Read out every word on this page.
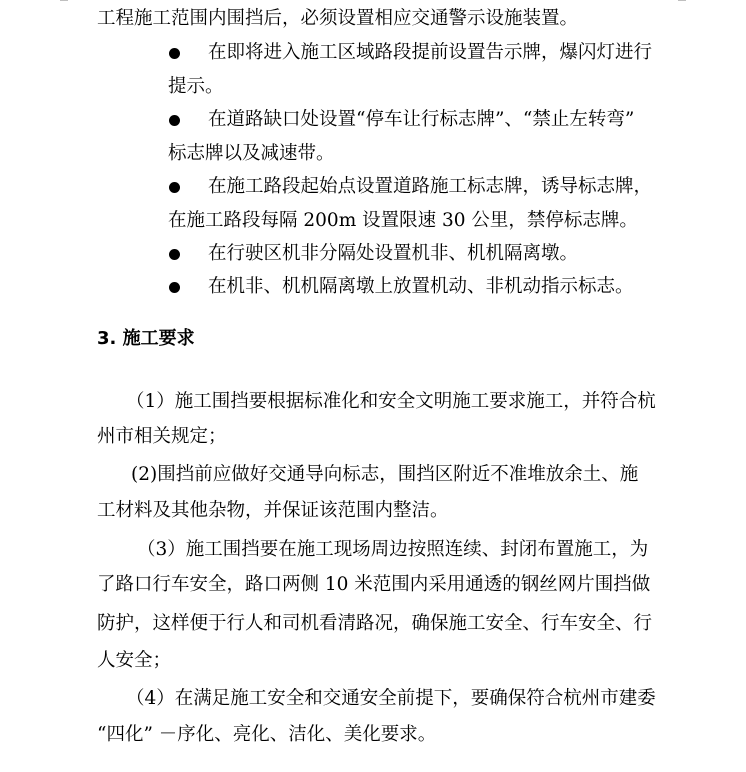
工程施工范围内围挡后，必须设置相应交通警示设施装置。
在即将进入施工区域路段提前设置告示牌，爆闪灯进行
提示。
在道路缺口处设置“停车让行标志牌”、“禁止左转弯”
标志牌以及减速带。
在施工路段起始点设置道路施工标志牌，诱导标志牌，
在施工路段每隔 200m 设置限速 30 公里，禁停标志牌。
在行驶区机非分隔处设置机非、机机隔离墩。
在机非、机机隔离墩上放置机动、非机动指示标志。
3. 施工要求
（1）施工围挡要根据标准化和安全文明施工要求施工，并符合杭
州市相关规定；
(2)围挡前应做好交通导向标志，围挡区附近不准堆放余土、施
工材料及其他杂物，并保证该范围内整洁。
（3）施工围挡要在施工现场周边按照连续、封闭布置施工，为
了路口行车安全，路口两侧 10 米范围内采用通透的钢丝网片围挡做
防护，这样便于行人和司机看清路况，确保施工安全、行车安全、行
人安全；
（4）在满足施工安全和交通安全前提下，要确保符合杭州市建委
“四化” －序化、亮化、洁化、美化要求。
